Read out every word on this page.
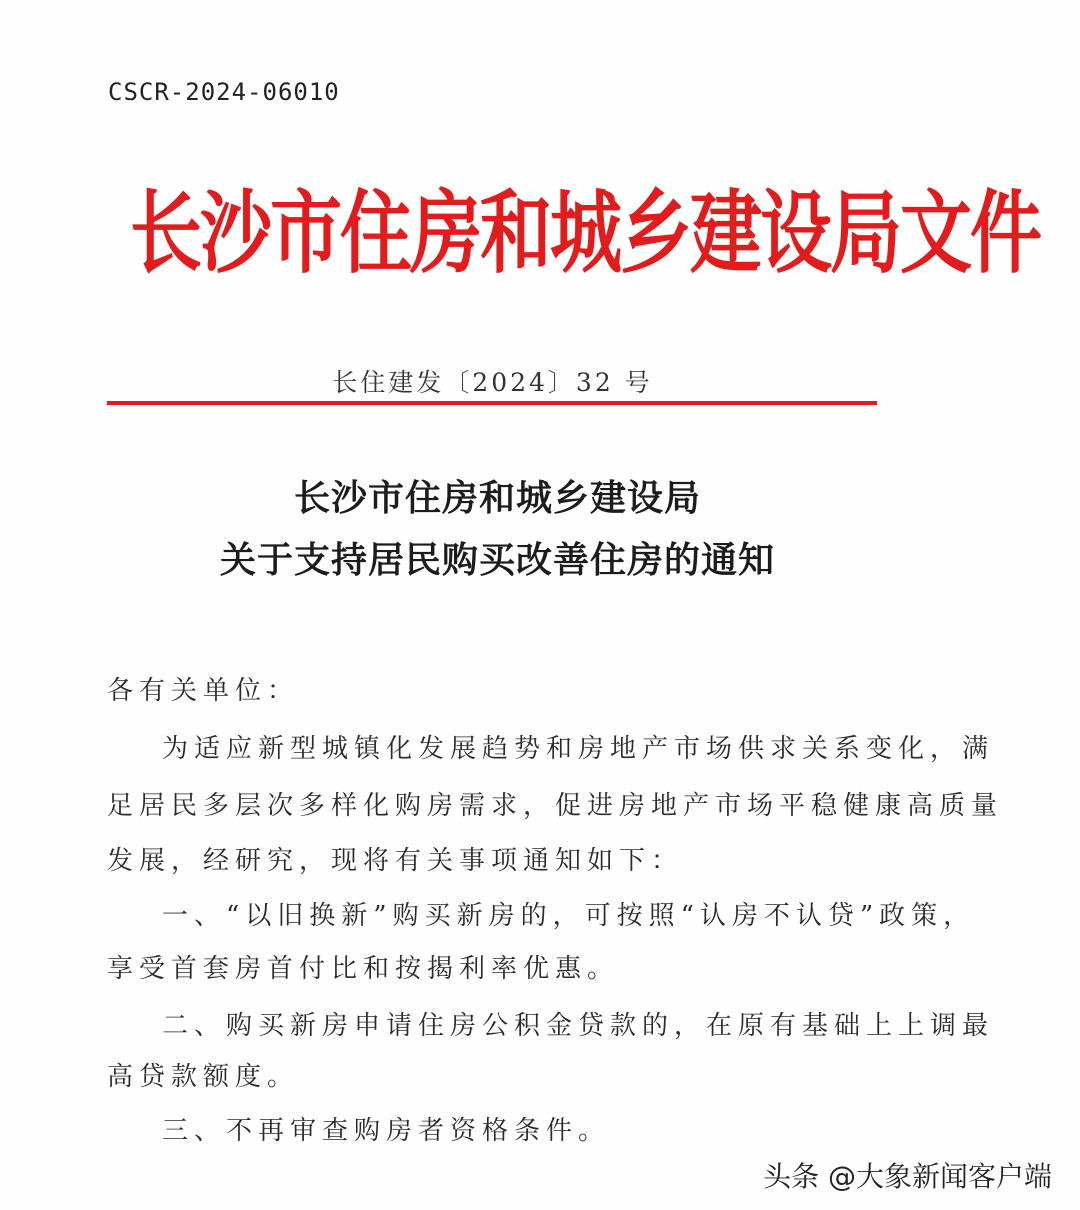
CSCR-2024-06010
长沙市住房和城乡建设局文件
长住建发〔2024〕32 号
长沙市住房和城乡建设局
关于支持居民购买改善住房的通知
各有关单位：
为适应新型城镇化发展趋势和房地产市场供求关系变化，满
足居民多层次多样化购房需求，促进房地产市场平稳健康高质量
发展，经研究，现将有关事项通知如下：
一、“以旧换新”购买新房的，可按照“认房不认贷”政策，
享受首套房首付比和按揭利率优惠。
二、购买新房申请住房公积金贷款的，在原有基础上上调最
高贷款额度。
三、不再审查购房者资格条件。
头条 @大象新闻客户端
